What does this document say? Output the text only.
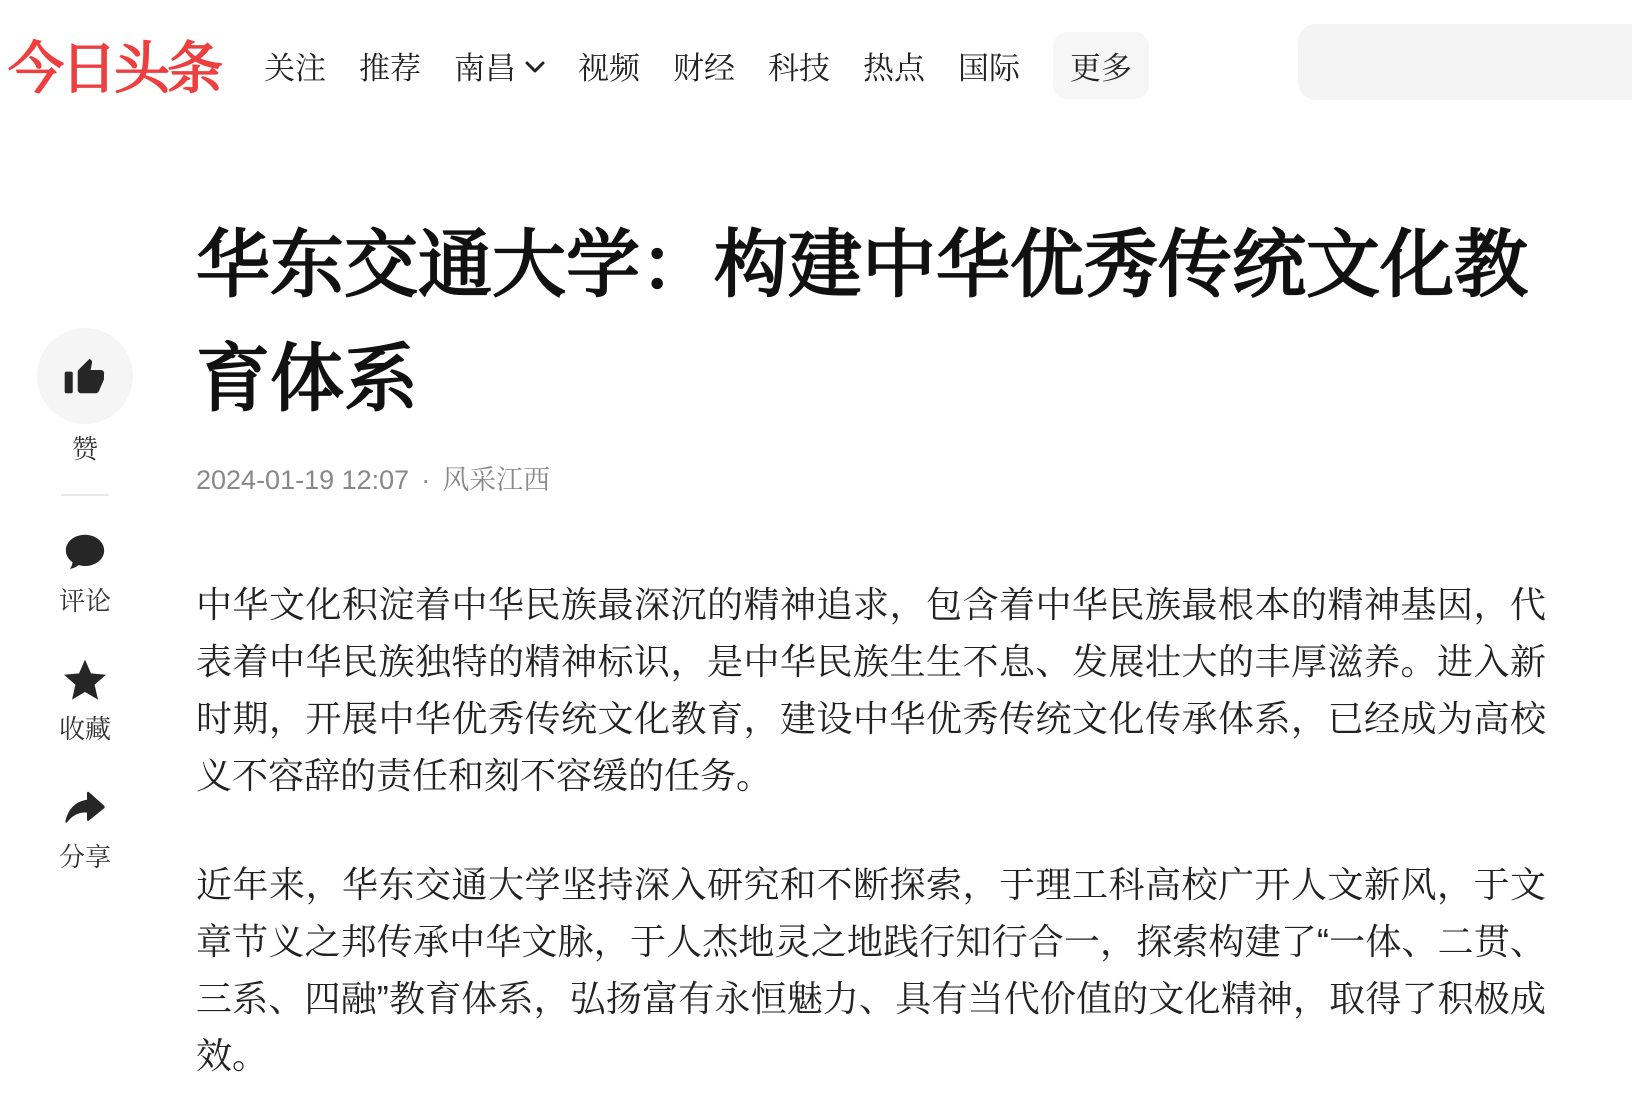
今日头条 关注 推荐 南昌 视频 财经 科技 热点 国际	更多
赞
评论
收藏
分享
华东交通大学：构建中华优秀传统文化教育体系
2024-01-19 12:07 · 风采江西

中华文化积淀着中华民族最深沉的精神追求，包含着中华民族最根本的精神基因，代表着中华民族独特的精神标识，是中华民族生生不息、发展壮大的丰厚滋养。进入新时期，开展中华优秀传统文化教育，建设中华优秀传统文化传承体系，已经成为高校义不容辞的责任和刻不容缓的任务。

近年来，华东交通大学坚持深入研究和不断探索，于理工科高校广开人文新风，于文章节义之邦传承中华文脉，于人杰地灵之地践行知行合一，探索构建了“一体、二贯、三系、四融”教育体系，弘扬富有永恒魅力、具有当代价值的文化精神，取得了积极成效。
